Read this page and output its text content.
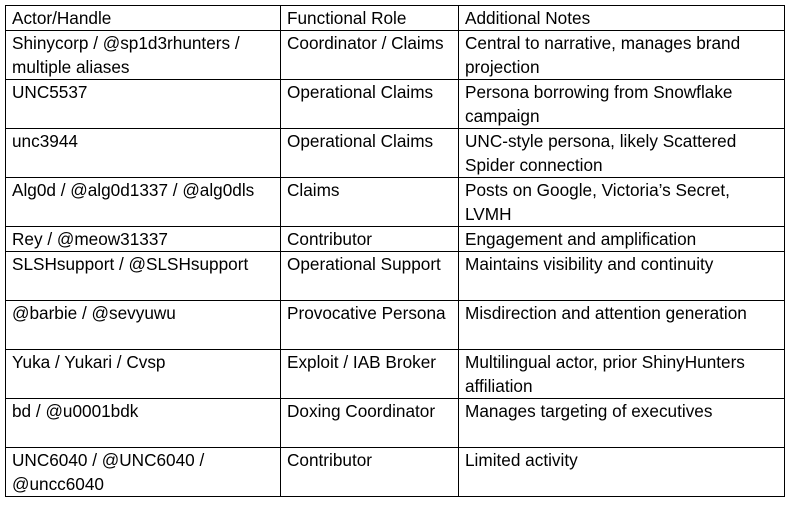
Actor/Handle	Functional Role	Additional Notes
Shinycorp / @sp1d3rhunters / multiple aliases	Coordinator / Claims	Central to narrative, manages brand projection
UNC5537	Operational Claims	Persona borrowing from Snowflake campaign
unc3944	Operational Claims	UNC-style persona, likely Scattered Spider connection
Alg0d / @alg0d1337 / @alg0dls	Claims	Posts on Google, Victoria’s Secret, LVMH
Rey / @meow31337	Contributor	Engagement and amplification
SLSHsupport / @SLSHsupport	Operational Support	Maintains visibility and continuity
@barbie / @sevyuwu	Provocative Persona	Misdirection and attention generation
Yuka / Yukari / Cvsp	Exploit / IAB Broker	Multilingual actor, prior ShinyHunters affiliation
bd / @u0001bdk	Doxing Coordinator	Manages targeting of executives
UNC6040 / @UNC6040 / @uncc6040	Contributor	Limited activity
